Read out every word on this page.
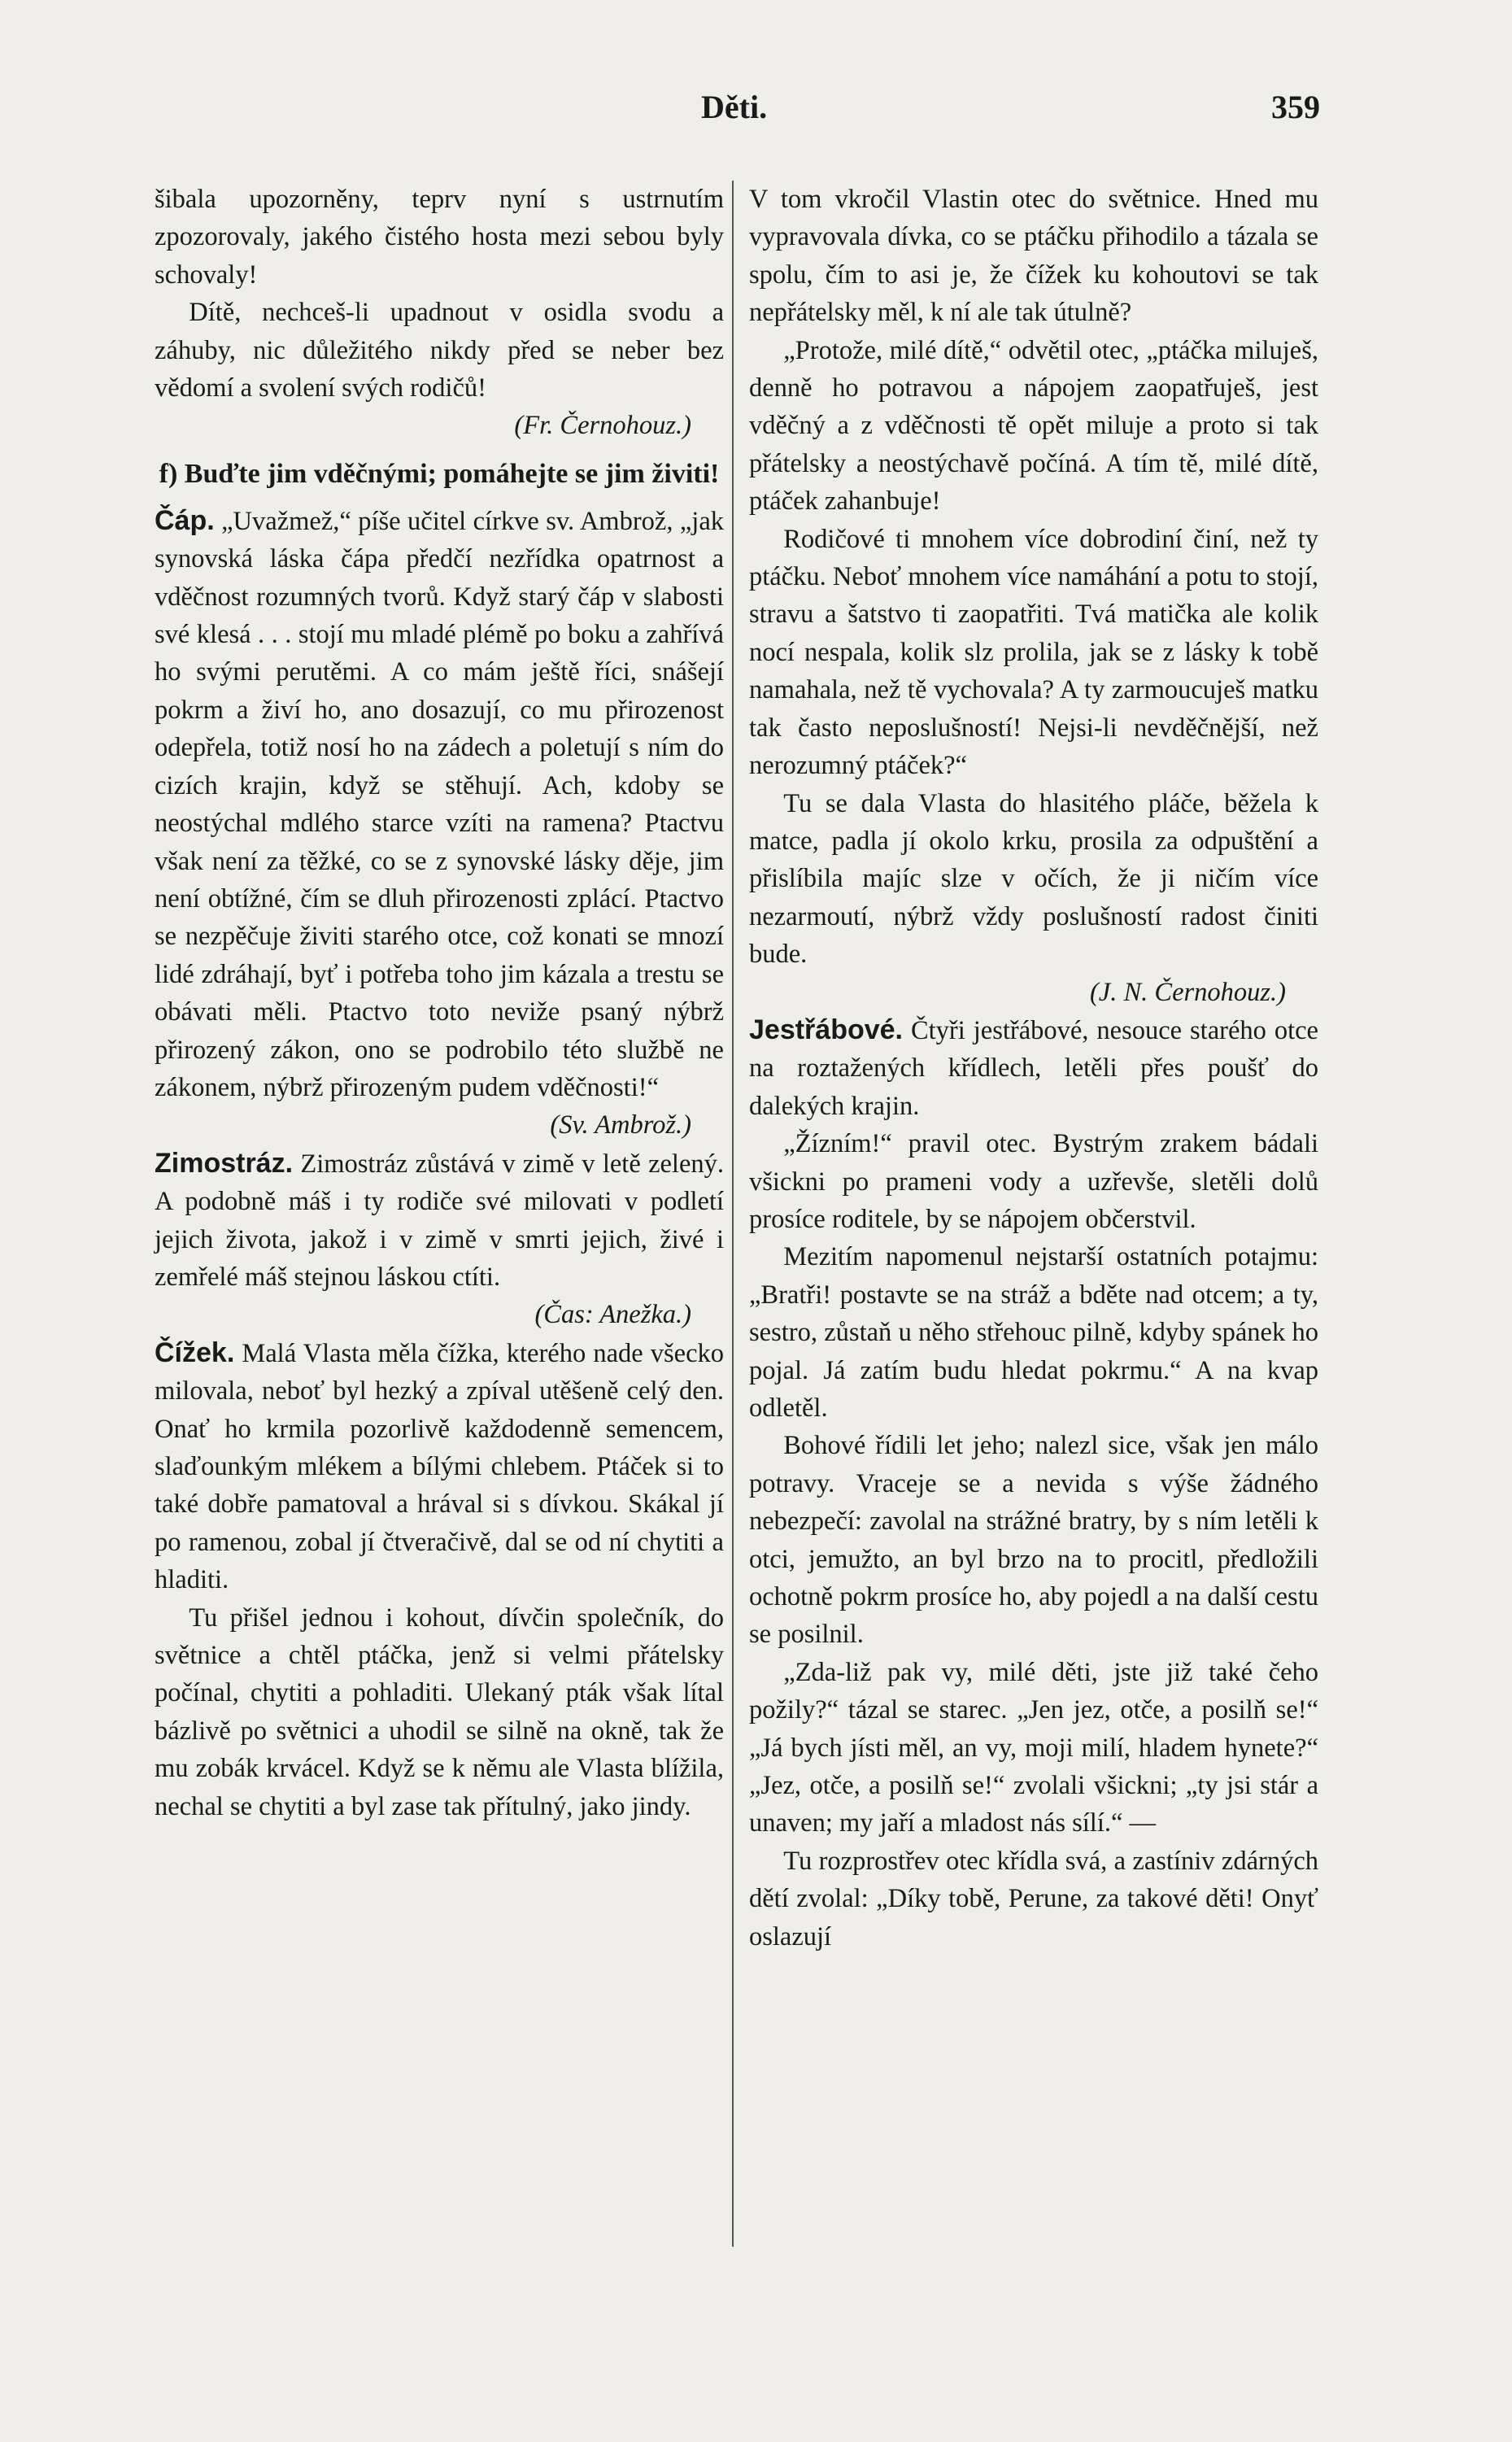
Děti.	359

šibala upozorněny, teprv nyní s ustrnutím zpozorovaly, jakého čistého hosta mezi sebou byly schovaly!

Dítě, nechceš-li upadnout v osidla svodu a záhuby, nic důležitého nikdy před se neber bez vědomí a svolení svých rodičů!

(Fr. Černohouz.)

f) Buďte jim vděčnými; pomáhejte se jim živiti!

Čáp. „Uvažmež,“ píše učitel církve sv. Ambrož, „jak synovská láska čápa předčí nezřídka opatrnost a vděčnost rozumných tvorů. Když starý čáp v slabosti své klesá . . . stojí mu mladé plémě po boku a zahřívá ho svými perutěmi. A co mám ještě říci, snášejí pokrm a živí ho, ano dosazují, co mu přirozenost odepřela, totiž nosí ho na zádech a poletují s ním do cizích krajin, když se stěhují. Ach, kdoby se neostýchal mdlého starce vzíti na ramena? Ptactvu však není za těžké, co se z synovské lásky děje, jim není obtížné, čím se dluh přirozenosti zplácí. Ptactvo se nezpěčuje živiti starého otce, což konati se mnozí lidé zdráhají, byť i potřeba toho jim kázala a trestu se obávati měli. Ptactvo toto neviže psaný nýbrž přirozený zákon, ono se podrobilo této službě ne zákonem, nýbrž přirozeným pudem vděčnosti!“

(Sv. Ambrož.)

Zimostráz. Zimostráz zůstává v zimě v letě zelený. A podobně máš i ty rodiče své milovati v podletí jejich života, jakož i v zimě v smrti jejich, živé i zemřelé máš stejnou láskou ctíti.

(Čas: Anežka.)

Čížek. Malá Vlasta měla čížka, kterého nade všecko milovala, neboť byl hezký a zpíval utěšeně celý den. Onať ho krmila pozorlivě každodenně semencem, slaďounkým mlékem a bílými chlebem. Ptáček si to také dobře pamatoval a hrával si s dívkou. Skákal jí po ramenou, zobal jí čtveračivě, dal se od ní chytiti a hladiti.

Tu přišel jednou i kohout, dívčin společník, do světnice a chtěl ptáčka, jenž si velmi přátelsky počínal, chytiti a pohladiti. Ulekaný pták však lítal bázlivě po světnici a uhodil se silně na okně, tak že mu zobák krvácel. Když se k němu ale Vlasta blížila, nechal se chytiti a byl zase tak přítulný, jako jindy.

V tom vkročil Vlastin otec do světnice. Hned mu vypravovala dívka, co se ptáčku přihodilo a tázala se spolu, čím to asi je, že čížek ku kohoutovi se tak nepřátelsky měl, k ní ale tak útulně?

„Protože, milé dítě,“ odvětil otec, „ptáčka miluješ, denně ho potravou a nápojem zaopatřuješ, jest vděčný a z vděčnosti tě opět miluje a proto si tak přátelsky a neostýchavě počíná. A tím tě, milé dítě, ptáček zahanbuje!

Rodičové ti mnohem více dobrodiní činí, než ty ptáčku. Neboť mnohem více namáhání a potu to stojí, stravu a šatstvo ti zaopatřiti. Tvá matička ale kolik nocí nespala, kolik slz prolila, jak se z lásky k tobě namahala, než tě vychovala? A ty zarmoucuješ matku tak často neposlušností! Nejsi-li nevděčnější, než nerozumný ptáček?“

Tu se dala Vlasta do hlasitého pláče, běžela k matce, padla jí okolo krku, prosila za odpuštění a přislíbila majíc slze v očích, že ji ničím více nezarmoutí, nýbrž vždy poslušností radost činiti bude.

(J. N. Černohouz.)

Jestřábové. Čtyři jestřábové, nesouce starého otce na roztažených křídlech, letěli přes poušť do dalekých krajin.

„Žízním!“ pravil otec. Bystrým zrakem bádali všickni po prameni vody a uzřevše, sletěli dolů prosíce roditele, by se nápojem občerstvil.

Mezitím napomenul nejstarší ostatních potajmu: „Bratři! postavte se na stráž a bděte nad otcem; a ty, sestro, zůstaň u něho střehouc pilně, kdyby spánek ho pojal. Já zatím budu hledat pokrmu.“ A na kvap odletěl.

Bohové řídili let jeho; nalezl sice, však jen málo potravy. Vraceje se a nevida s výše žádného nebezpečí: zavolal na strážné bratry, by s ním letěli k otci, jemužto, an byl brzo na to procitl, předložili ochotně pokrm prosíce ho, aby pojedl a na další cestu se posilnil.

„Zda-liž pak vy, milé děti, jste již také čeho požily?“ tázal se starec. „Jen jez, otče, a posilň se!“ „Já bych jísti měl, an vy, moji milí, hladem hynete?“ „Jez, otče, a posilň se!“ zvolali všickni; „ty jsi stár a unaven; my jaří a mladost nás sílí.“ —

Tu rozprostřev otec křídla svá, a zastíniv zdárných dětí zvolal: „Díky tobě, Perune, za takové děti! Onyť oslazují
